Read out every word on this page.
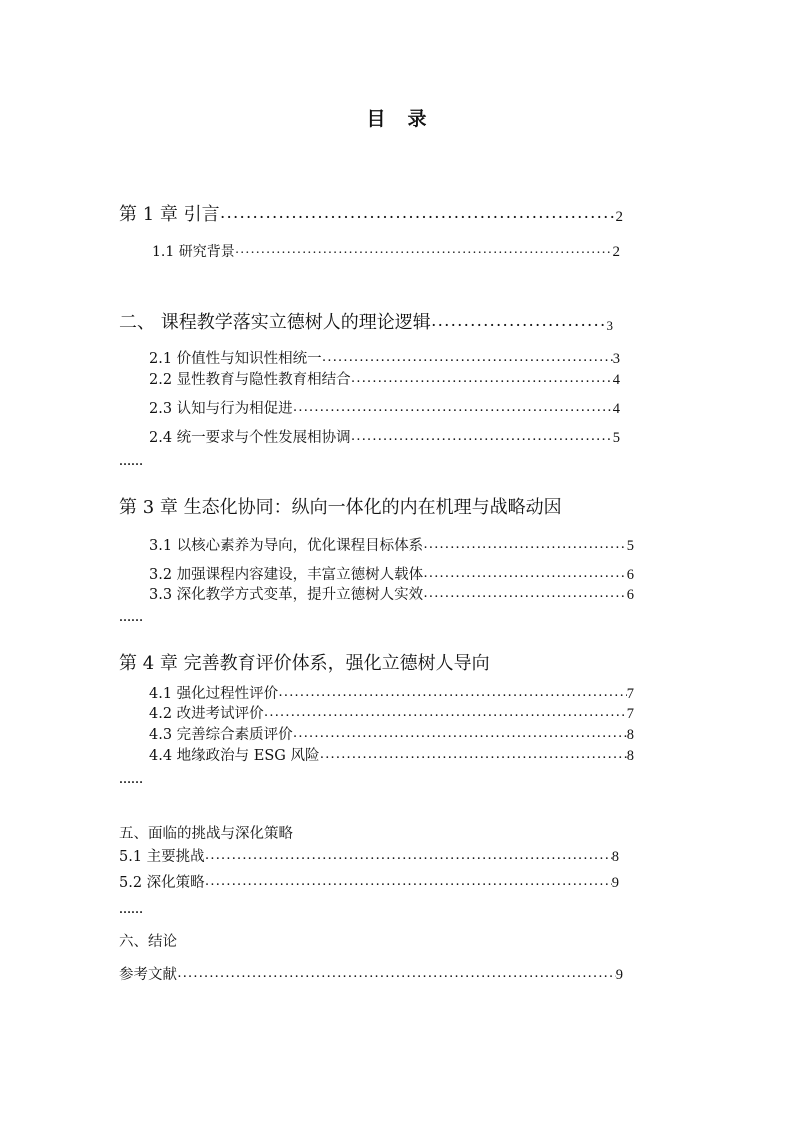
目 录
第 1 章 引言 ·····	2
1.1 研究背景 ·····	2
二、 课程教学落实立德树人的理论逻辑 ·····	3
2.1 价值性与知识性相统一 ·····	3
2.2 显性教育与隐性教育相结合 ·····	4
2.3 认知与行为相促进 ·····	4
2.4 统一要求与个性发展相协调 ·····	5
……
第 3 章 生态化协同：纵向一体化的内在机理与战略动因
3.1 以核心素养为导向，优化课程目标体系 ·····	5
3.2 加强课程内容建设，丰富立德树人载体 ·····	6
3.3 深化教学方式变革，提升立德树人实效 ·····	6
……
第 4 章 完善教育评价体系，强化立德树人导向
4.1 强化过程性评价 ·····	7
4.2 改进考试评价 ·····	7
4.3 完善综合素质评价 ·····	8
4.4 地缘政治与 ESG 风险 ·····	8
……
五、面临的挑战与深化策略
5.1 主要挑战 ·····	8
5.2 深化策略 ·····	9
……
六、结论
参考文献 ·····	9
